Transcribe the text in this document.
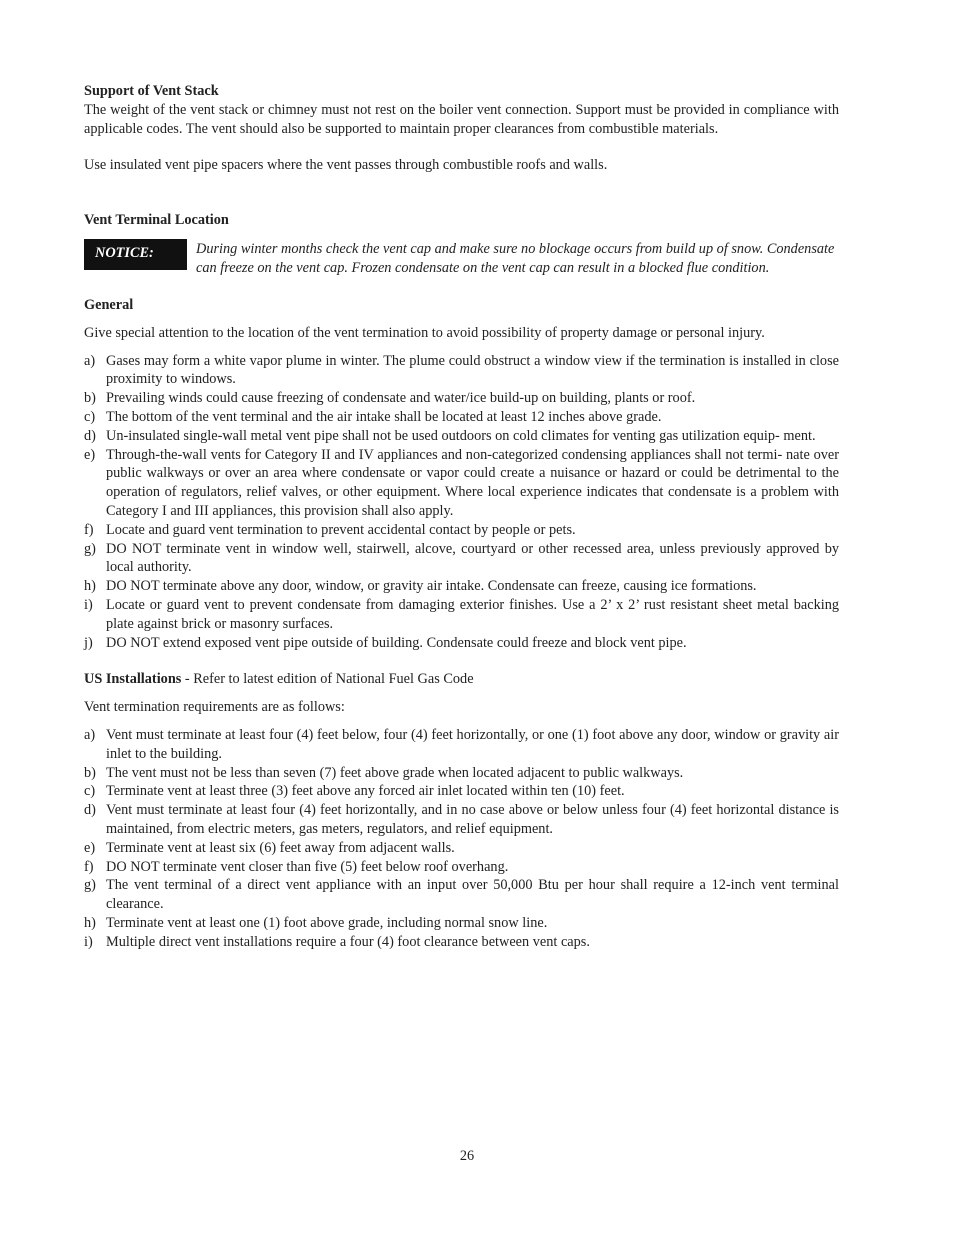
Support of Vent Stack

The weight of the vent stack or chimney must not rest on the boiler vent connection. Support must be provided in compliance with applicable codes. The vent should also be supported to maintain proper clearances from combustible materials.

Use insulated vent pipe spacers where the vent passes through combustible roofs and walls.

Vent Terminal Location

NOTICE:	During winter months check the vent cap and make sure no blockage occurs from build up of snow. Condensate can freeze on the vent cap. Frozen condensate on the vent cap can result in a blocked flue condition.

General

Give special attention to the location of the vent termination to avoid possibility of property damage or personal injury.

a) Gases may form a white vapor plume in winter. The plume could obstruct a window view if the termination is installed in close proximity to windows.
b) Prevailing winds could cause freezing of condensate and water/ice build-up on building, plants or roof.
c) The bottom of the vent terminal and the air intake shall be located at least 12 inches above grade.
d) Un-insulated single-wall metal vent pipe shall not be used outdoors on cold climates for venting gas utilization equip- ment.
e) Through-the-wall vents for Category II and IV appliances and non-categorized condensing appliances shall not termi- nate over public walkways or over an area where condensate or vapor could create a nuisance or hazard or could be detrimental to the operation of regulators, relief valves, or other equipment. Where local experience indicates that condensate is a problem with Category I and III appliances, this provision shall also apply.
f) Locate and guard vent termination to prevent accidental contact by people or pets.
g) DO NOT terminate vent in window well, stairwell, alcove, courtyard or other recessed area, unless previously approved by local authority.
h) DO NOT terminate above any door, window, or gravity air intake. Condensate can freeze, causing ice formations.
i) Locate or guard vent to prevent condensate from damaging exterior finishes. Use a 2’ x 2’ rust resistant sheet metal backing plate against brick or masonry surfaces.
j) DO NOT extend exposed vent pipe outside of building. Condensate could freeze and block vent pipe.

US Installations - Refer to latest edition of National Fuel Gas Code

Vent termination requirements are as follows:

a) Vent must terminate at least four (4) feet below, four (4) feet horizontally, or one (1) foot above any door, window or gravity air inlet to the building.
b) The vent must not be less than seven (7) feet above grade when located adjacent to public walkways.
c) Terminate vent at least three (3) feet above any forced air inlet located within ten (10) feet.
d) Vent must terminate at least four (4) feet horizontally, and in no case above or below unless four (4) feet horizontal distance is maintained, from electric meters, gas meters, regulators, and relief equipment.
e) Terminate vent at least six (6) feet away from adjacent walls.
f) DO NOT terminate vent closer than five (5) feet below roof overhang.
g) The vent terminal of a direct vent appliance with an input over 50,000 Btu per hour shall require a 12-inch vent terminal clearance.
h) Terminate vent at least one (1) foot above grade, including normal snow line.
i) Multiple direct vent installations require a four (4) foot clearance between vent caps.
26
